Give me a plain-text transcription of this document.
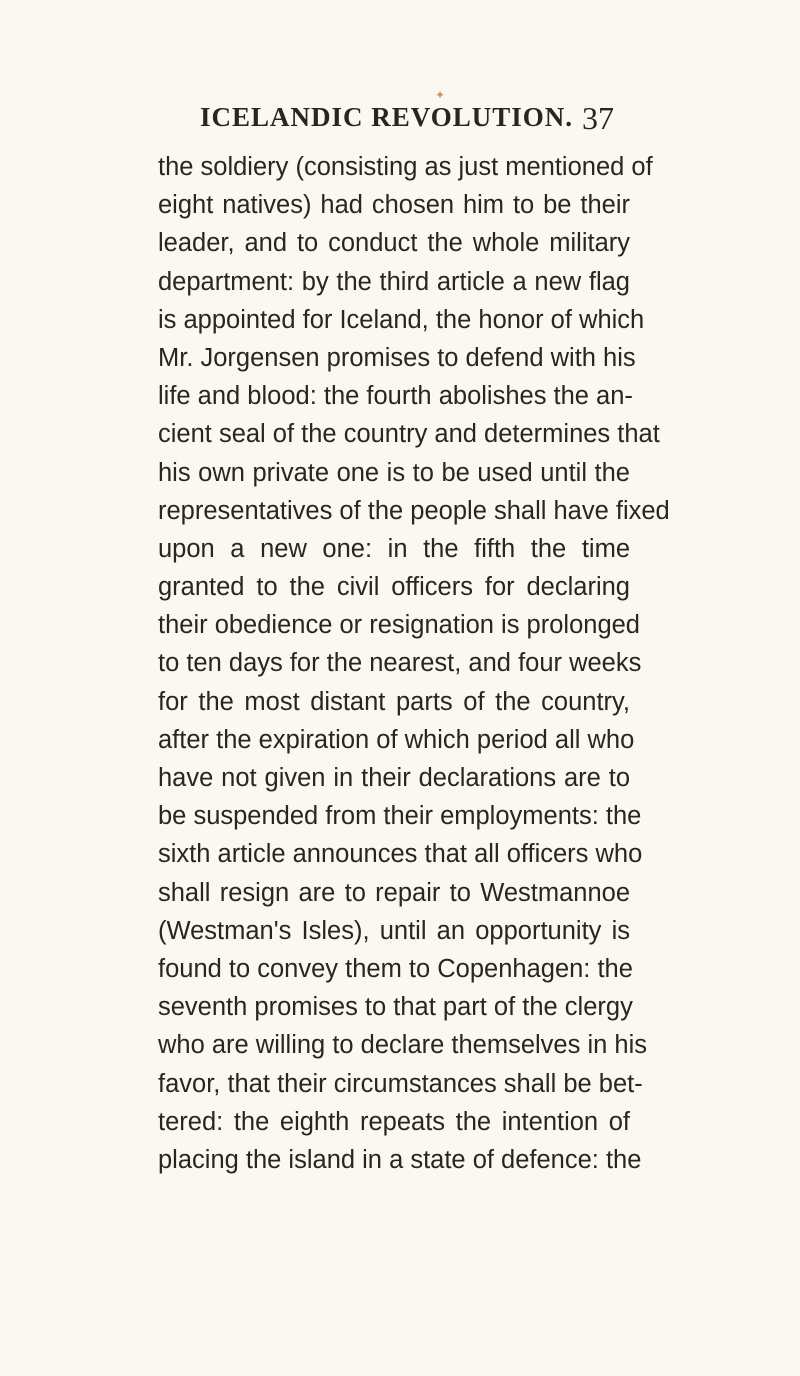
✦
ICELANDIC REVOLUTION. 37
the soldiery (consisting as just mentioned of
eight natives) had chosen him to be their
leader, and to conduct the whole military
department: by the third article a new flag
is appointed for Iceland, the honor of which
Mr. Jorgensen promises to defend with his
life and blood: the fourth abolishes the an-
cient seal of the country and determines that
his own private one is to be used until the
representatives of the people shall have fixed
upon a new one: in the fifth the time
granted to the civil officers for declaring
their obedience or resignation is prolonged
to ten days for the nearest, and four weeks
for the most distant parts of the country,
after the expiration of which period all who
have not given in their declarations are to
be suspended from their employments: the
sixth article announces that all officers who
shall resign are to repair to Westmannoe
(Westman's Isles), until an opportunity is
found to convey them to Copenhagen: the
seventh promises to that part of the clergy
who are willing to declare themselves in his
favor, that their circumstances shall be bet-
tered: the eighth repeats the intention of
placing the island in a state of defence: the
